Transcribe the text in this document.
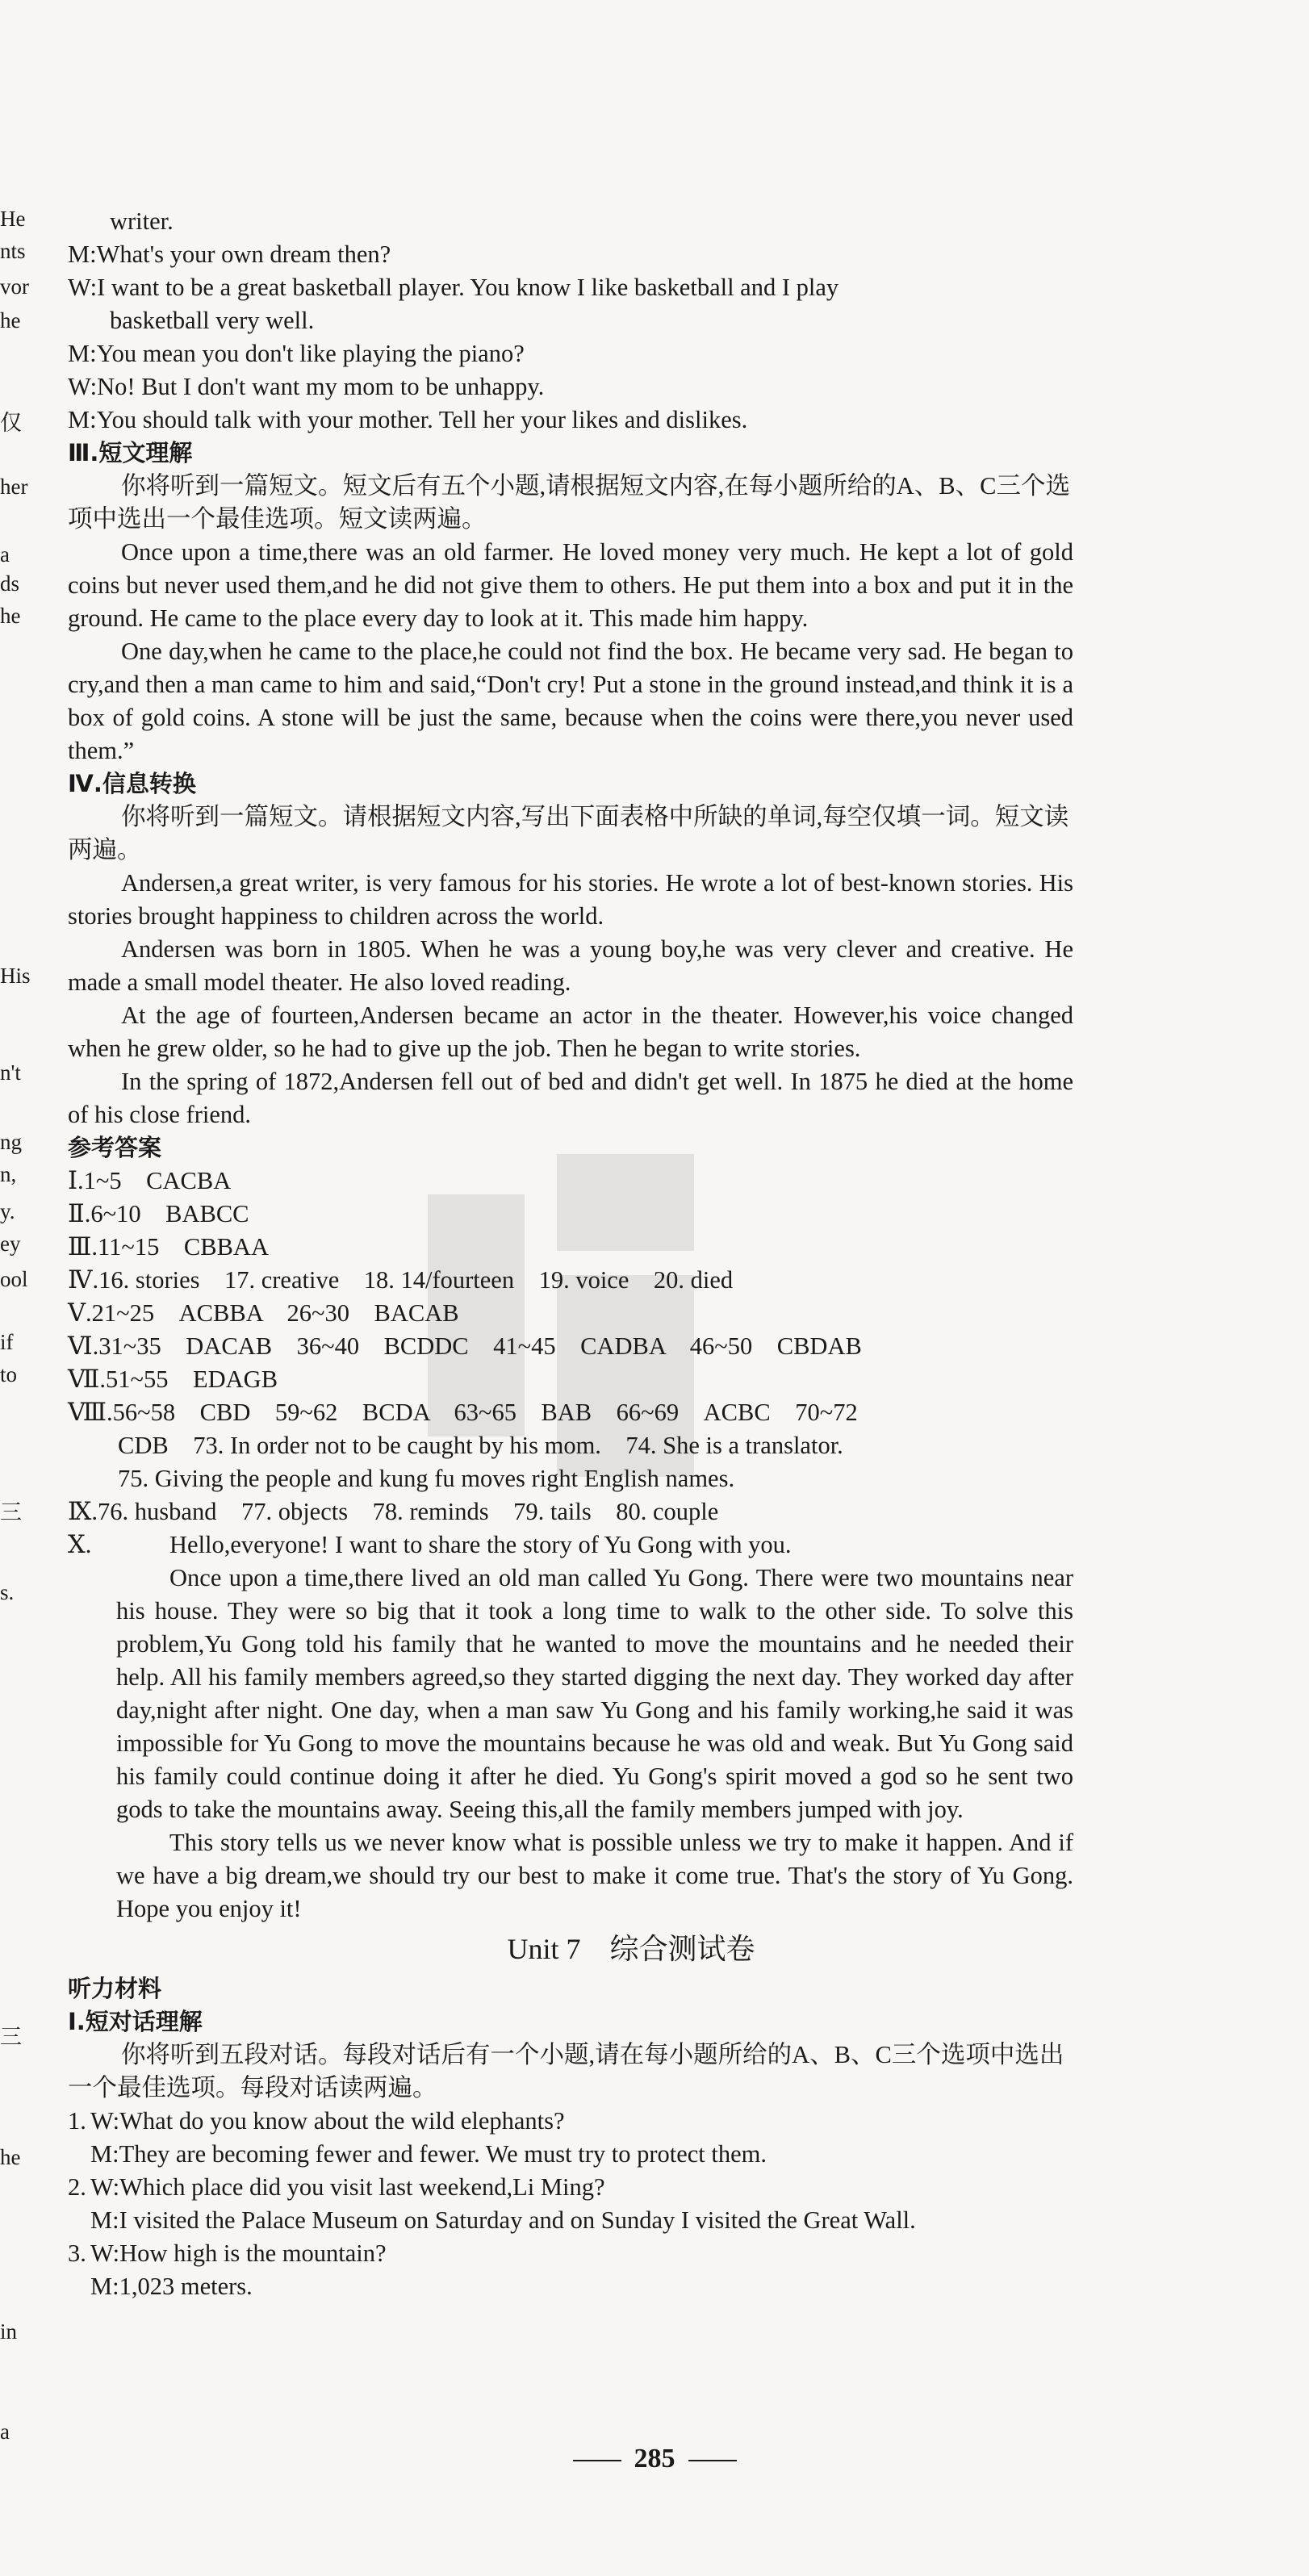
He
nts
vor
he
仅
her
a
ds
he
His
n't
ng
n,
y.
ey
ool
if
to
三
s.
三
he
in
a
writer.
M:What's your own dream then?
W:I want to be a great basketball player. You know I like basketball and I play
basketball very well.
M:You mean you don't like playing the piano?
W:No! But I don't want my mom to be unhappy.
M:You should talk with your mother. Tell her your likes and dislikes.
Ⅲ.短文理解
你将听到一篇短文。短文后有五个小题,请根据短文内容,在每小题所给的A、B、C三个选项中选出一个最佳选项。短文读两遍。
Once upon a time,there was an old farmer. He loved money very much. He kept a lot of gold coins but never used them,and he did not give them to others. He put them into a box and put it in the ground. He came to the place every day to look at it. This made him happy.
One day,when he came to the place,he could not find the box. He became very sad. He began to cry,and then a man came to him and said,“Don't cry! Put a stone in the ground instead,and think it is a box of gold coins. A stone will be just the same, because when the coins were there,you never used them.”
Ⅳ.信息转换
你将听到一篇短文。请根据短文内容,写出下面表格中所缺的单词,每空仅填一词。短文读两遍。
Andersen,a great writer, is very famous for his stories. He wrote a lot of best-known stories. His stories brought happiness to children across the world.
Andersen was born in 1805. When he was a young boy,he was very clever and creative. He made a small model theater. He also loved reading.
At the age of fourteen,Andersen became an actor in the theater. However,his voice changed when he grew older, so he had to give up the job. Then he began to write stories.
In the spring of 1872,Andersen fell out of bed and didn't get well. In 1875 he died at the home of his close friend.
参考答案
Ⅰ.1~5　CACBA
Ⅱ.6~10　BABCC
Ⅲ.11~15　CBBAA
Ⅳ.16. stories　17. creative　18. 14/fourteen　19. voice　20. died
Ⅴ.21~25　ACBBA　26~30　BACAB
Ⅵ.31~35　DACAB　36~40　BCDDC　41~45　CADBA　46~50　CBDAB
Ⅶ.51~55　EDAGB
Ⅷ.56~58　CBD　59~62　BCDA　63~65　BAB　66~69　ACBC　70~72
CDB　73. In order not to be caught by his mom.　74. She is a translator.
75. Giving the people and kung fu moves right English names.
Ⅸ.76. husband　77. objects　78. reminds　79. tails　80. couple
Ⅹ.	Hello,everyone! I want to share the story of Yu Gong with you.
Once upon a time,there lived an old man called Yu Gong. There were two mountains near his house. They were so big that it took a long time to walk to the other side. To solve this problem,Yu Gong told his family that he wanted to move the mountains and he needed their help. All his family members agreed,so they started digging the next day. They worked day after day,night after night. One day, when a man saw Yu Gong and his family working,he said it was impossible for Yu Gong to move the mountains because he was old and weak. But Yu Gong said his family could continue doing it after he died. Yu Gong's spirit moved a god so he sent two gods to take the mountains away. Seeing this,all the family members jumped with joy.
This story tells us we never know what is possible unless we try to make it happen. And if we have a big dream,we should try our best to make it come true. That's the story of Yu Gong. Hope you enjoy it!
Unit 7　综合测试卷
听力材料
Ⅰ.短对话理解
你将听到五段对话。每段对话后有一个小题,请在每小题所给的A、B、C三个选项中选出一个最佳选项。每段对话读两遍。
1. W:What do you know about the wild elephants?
M:They are becoming fewer and fewer. We must try to protect them.
2. W:Which place did you visit last weekend,Li Ming?
M:I visited the Palace Museum on Saturday and on Sunday I visited the Great Wall.
3. W:How high is the mountain?
M:1,023 meters.
285
